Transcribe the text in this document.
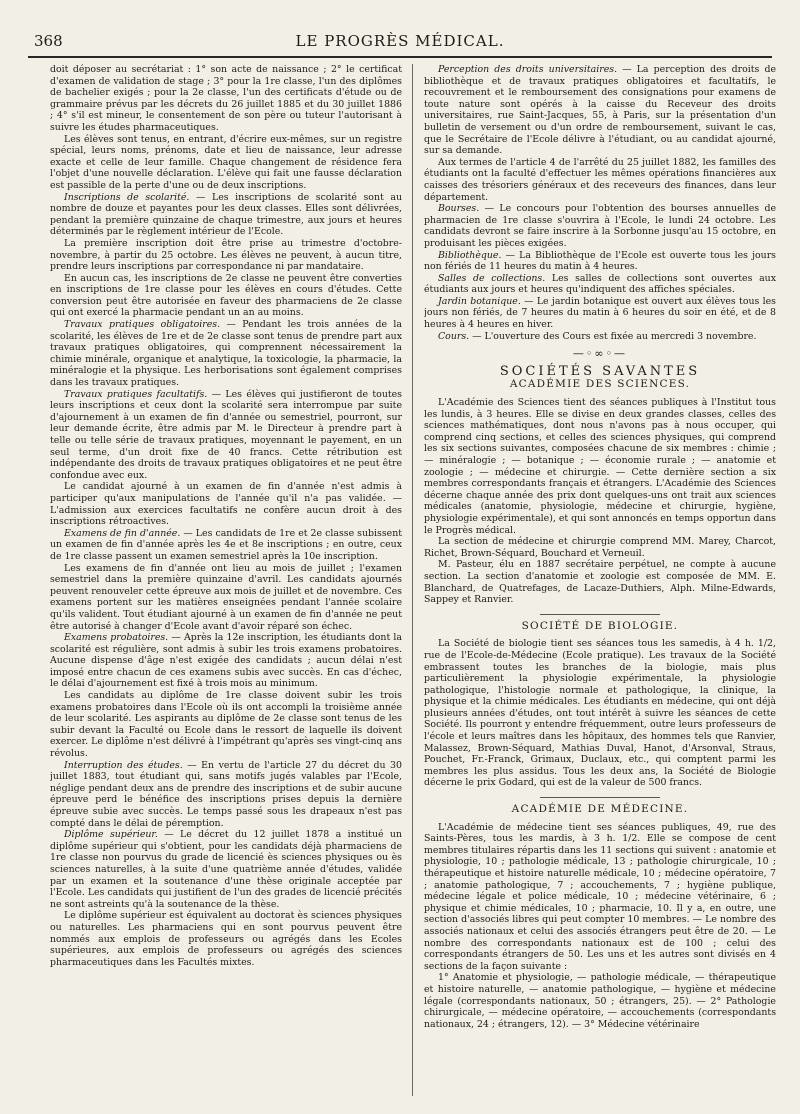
368	LE PROGRÈS MÉDICAL.

doit déposer au secrétariat : 1° son acte de naissance ; 2° le certificat d'examen de validation de stage ; 3° pour la 1re classe, l'un des diplômes de bachelier exigés ; pour la 2e classe, l'un des certificats d'étude ou de grammaire prévus par les décrets du 26 juillet 1885 et du 30 juillet 1886 ; 4° s'il est mineur, le consentement de son père ou tuteur l'autorisant à suivre les études pharmaceutiques.

Les élèves sont tenus, en entrant, d'écrire eux-mêmes, sur un registre spécial, leurs noms, prénoms, date et lieu de naissance, leur adresse exacte et celle de leur famille. Chaque changement de résidence fera l'objet d'une nouvelle déclaration. L'élève qui fait une fausse déclaration est passible de la perte d'une ou de deux inscriptions.

Inscriptions de scolarité. — Les inscriptions de scolarité sont au nombre de douze et payantes pour les deux classes. Elles sont délivrées, pendant la première quinzaine de chaque trimestre, aux jours et heures déterminés par le règlement intérieur de l'Ecole.

La première inscription doit être prise au trimestre d'octobre-novembre, à partir du 25 octobre. Les élèves ne peuvent, à aucun titre, prendre leurs inscriptions par correspondance ni par mandataire.

En aucun cas, les inscriptions de 2e classe ne peuvent être converties en inscriptions de 1re classe pour les élèves en cours d'études. Cette conversion peut être autorisée en faveur des pharmaciens de 2e classe qui ont exercé la pharmacie pendant un an au moins.

Travaux pratiques obligatoires. — Pendant les trois années de la scolarité, les élèves de 1re et de 2e classe sont tenus de prendre part aux travaux pratiques obligatoires, qui comprennent nécessairement la chimie minérale, organique et analytique, la toxicologie, la pharmacie, la minéralogie et la physique. Les herborisations sont également comprises dans les travaux pratiques.

Travaux pratiques facultatifs. — Les élèves qui justifieront de toutes leurs inscriptions et ceux dont la scolarité sera interrompue par suite d'ajournement à un examen de fin d'année ou semestriel, pourront, sur leur demande écrite, être admis par M. le Directeur à prendre part à telle ou telle série de travaux pratiques, moyennant le payement, en un seul terme, d'un droit fixe de 40 francs. Cette rétribution est indépendante des droits de travaux pratiques obligatoires et ne peut être confondue avec eux.

Le candidat ajourné à un examen de fin d'année n'est admis à participer qu'aux manipulations de l'année qu'il n'a pas validée. — L'admission aux exercices facultatifs ne confère aucun droit à des inscriptions rétroactives.

Examens de fin d'année. — Les candidats de 1re et 2e classe subissent un examen de fin d'année après les 4e et 8e inscriptions ; en outre, ceux de 1re classe passent un examen semestriel après la 10e inscription.

Les examens de fin d'année ont lieu au mois de juillet ; l'examen semestriel dans la première quinzaine d'avril. Les candidats ajournés peuvent renouveler cette épreuve aux mois de juillet et de novembre. Ces examens portent sur les matières enseignées pendant l'année scolaire qu'ils valident. Tout étudiant ajourné à un examen de fin d'année ne peut être autorisé à changer d'Ecole avant d'avoir réparé son échec.

Examens probatoires. — Après la 12e inscription, les étudiants dont la scolarité est régulière, sont admis à subir les trois examens probatoires. Aucune dispense d'âge n'est exigée des candidats ; aucun délai n'est imposé entre chacun de ces examens subis avec succès. En cas d'échec, le délai d'ajournement est fixé à trois mois au minimum.

Les candidats au diplôme de 1re classe doivent subir les trois examens probatoires dans l'Ecole où ils ont accompli la troisième année de leur scolarité. Les aspirants au diplôme de 2e classe sont tenus de les subir devant la Faculté ou Ecole dans le ressort de laquelle ils doivent exercer. Le diplôme n'est délivré à l'impétrant qu'après ses vingt-cinq ans révolus.

Interruption des études. — En vertu de l'article 27 du décret du 30 juillet 1883, tout étudiant qui, sans motifs jugés valables par l'Ecole, néglige pendant deux ans de prendre des inscriptions et de subir aucune épreuve perd le bénéfice des inscriptions prises depuis la dernière épreuve subie avec succès. Le temps passé sous les drapeaux n'est pas compté dans le délai de péremption.

Diplôme supérieur. — Le décret du 12 juillet 1878 a institué un diplôme supérieur qui s'obtient, pour les candidats déjà pharmaciens de 1re classe non pourvus du grade de licencié ès sciences physiques ou ès sciences naturelles, à la suite d'une quatrième année d'études, validée par un examen et la soutenance d'une thèse originale acceptée par l'Ecole. Les candidats qui justifient de l'un des grades de licencié précités ne sont astreints qu'à la soutenance de la thèse.

Le diplôme supérieur est équivalent au doctorat ès sciences physiques ou naturelles. Les pharmaciens qui en sont pourvus peuvent être nommés aux emplois de professeurs ou agrégés dans les Ecoles supérieures, aux emplois de professeurs ou agrégés des sciences pharmaceutiques dans les Facultés mixtes.

Perception des droits universitaires. — La perception des droits de bibliothèque et de travaux pratiques obligatoires et facultatifs, le recouvrement et le remboursement des consignations pour examens de toute nature sont opérés à la caisse du Receveur des droits universitaires, rue Saint-Jacques, 55, à Paris, sur la présentation d'un bulletin de versement ou d'un ordre de remboursement, suivant le cas, que le Secrétaire de l'Ecole délivre à l'étudiant, ou au candidat ajourné, sur sa demande.

Aux termes de l'article 4 de l'arrêté du 25 juillet 1882, les familles des étudiants ont la faculté d'effectuer les mêmes opérations financières aux caisses des trésoriers généraux et des receveurs des finances, dans leur département.

Bourses. — Le concours pour l'obtention des bourses annuelles de pharmacien de 1re classe s'ouvrira à l'Ecole, le lundi 24 octobre. Les candidats devront se faire inscrire à la Sorbonne jusqu'au 15 octobre, en produisant les pièces exigées.

Bibliothèque. — La Bibliothèque de l'Ecole est ouverte tous les jours non fériés de 11 heures du matin à 4 heures.

Salles de collections. Les salles de collections sont ouvertes aux étudiants aux jours et heures qu'indiquent des affiches spéciales.

Jardin botanique. — Le jardin botanique est ouvert aux élèves tous les jours non fériés, de 7 heures du matin à 6 heures du soir en été, et de 8 heures à 4 heures en hiver.

Cours. — L'ouverture des Cours est fixée au mercredi 3 novembre.

—◦∞◦—
SOCIÉTÉS SAVANTES
ACADÉMIE DES SCIENCES.

L'Académie des Sciences tient des séances publiques à l'Institut tous les lundis, à 3 heures. Elle se divise en deux grandes classes, celles des sciences mathématiques, dont nous n'avons pas à nous occuper, qui comprend cinq sections, et celles des sciences physiques, qui comprend les six sections suivantes, composées chacune de six membres : chimie ; — minéralogie ; — botanique ; — économie rurale ; — anatomie et zoologie ; — médecine et chirurgie. — Cette dernière section a six membres correspondants français et étrangers. L'Académie des Sciences décerne chaque année des prix dont quelques-uns ont trait aux sciences médicales (anatomie, physiologie, médecine et chirurgie, hygiène, physiologie expérimentale), et qui sont annoncés en temps opportun dans le Progrès médical.

La section de médecine et chirurgie comprend MM. Marey, Charcot, Richet, Brown-Séquard, Bouchard et Verneuil.

M. Pasteur, élu en 1887 secrétaire perpétuel, ne compte à aucune section. La section d'anatomie et zoologie est composée de MM. E. Blanchard, de Quatrefages, de Lacaze-Duthiers, Alph. Milne-Edwards, Sappey et Ranvier.

SOCIÉTÉ DE BIOLOGIE.

La Société de biologie tient ses séances tous les samedis, à 4 h. 1/2, rue de l'Ecole-de-Médecine (Ecole pratique). Les travaux de la Société embrassent toutes les branches de la biologie, mais plus particulièrement la physiologie expérimentale, la physiologie pathologique, l'histologie normale et pathologique, la clinique, la physique et la chimie médicales. Les étudiants en médecine, qui ont déjà plusieurs années d'études, ont tout intérêt à suivre les séances de cette Société. Ils pourront y entendre fréquemment, outre leurs professeurs de l'école et leurs maîtres dans les hôpitaux, des hommes tels que Ranvier, Malassez, Brown-Séquard, Mathias Duval, Hanot, d'Arsonval, Straus, Pouchet, Fr.-Franck, Grimaux, Duclaux, etc., qui comptent parmi les membres les plus assidus. Tous les deux ans, la Société de Biologie décerne le prix Godard, qui est de la valeur de 500 francs.

ACADÉMIE DE MÉDECINE.

L'Académie de médecine tient ses séances publiques, 49, rue des Saints-Pères, tous les mardis, à 3 h. 1/2. Elle se compose de cent membres titulaires répartis dans les 11 sections qui suivent : anatomie et physiologie, 10 ; pathologie médicale, 13 ; pathologie chirurgicale, 10 ; thérapeutique et histoire naturelle médicale, 10 ; médecine opératoire, 7 ; anatomie pathologique, 7 ; accouchements, 7 ; hygiène publique, médecine légale et police médicale, 10 ; médecine vétérinaire, 6 ; physique et chimie médicales, 10 ; pharmacie, 10. Il y a, en outre, une section d'associés libres qui peut compter 10 membres. — Le nombre des associés nationaux et celui des associés étrangers peut être de 20. — Le nombre des correspondants nationaux est de 100 ; celui des correspondants étrangers de 50. Les uns et les autres sont divisés en 4 sections de la façon suivante :

1° Anatomie et physiologie, — pathologie médicale, — thérapeutique et histoire naturelle, — anatomie pathologique, — hygiène et médecine légale (correspondants nationaux, 50 ; étrangers, 25). — 2° Pathologie chirurgicale, — médecine opératoire, — accouchements (correspondants nationaux, 24 ; étrangers, 12). — 3° Médecine vétérinaire
